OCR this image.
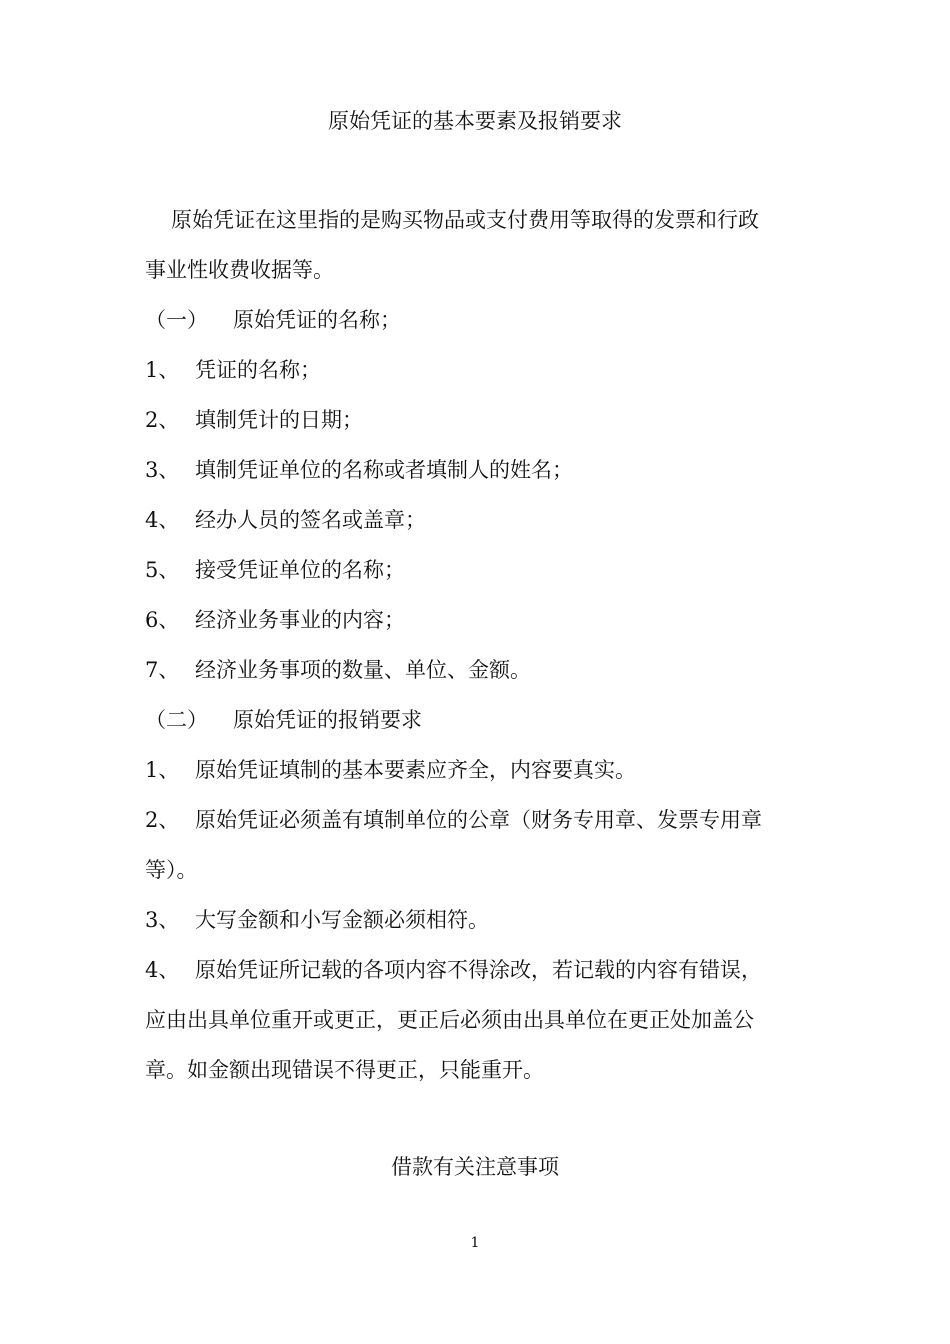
原始凭证的基本要素及报销要求
原始凭证在这里指的是购买物品或支付费用等取得的发票和行政
事业性收费收据等。
（一） 原始凭证的名称；
1、 凭证的名称；
2、 填制凭计的日期；
3、 填制凭证单位的名称或者填制人的姓名；
4、 经办人员的签名或盖章；
5、 接受凭证单位的名称；
6、 经济业务事业的内容；
7、 经济业务事项的数量、单位、金额。
（二） 原始凭证的报销要求
1、 原始凭证填制的基本要素应齐全，内容要真实。
2、 原始凭证必须盖有填制单位的公章（财务专用章、发票专用章
等）。
3、 大写金额和小写金额必须相符。
4、 原始凭证所记载的各项内容不得涂改，若记载的内容有错误，
应由出具单位重开或更正，更正后必须由出具单位在更正处加盖公
章。如金额出现错误不得更正，只能重开。
借款有关注意事项
1
